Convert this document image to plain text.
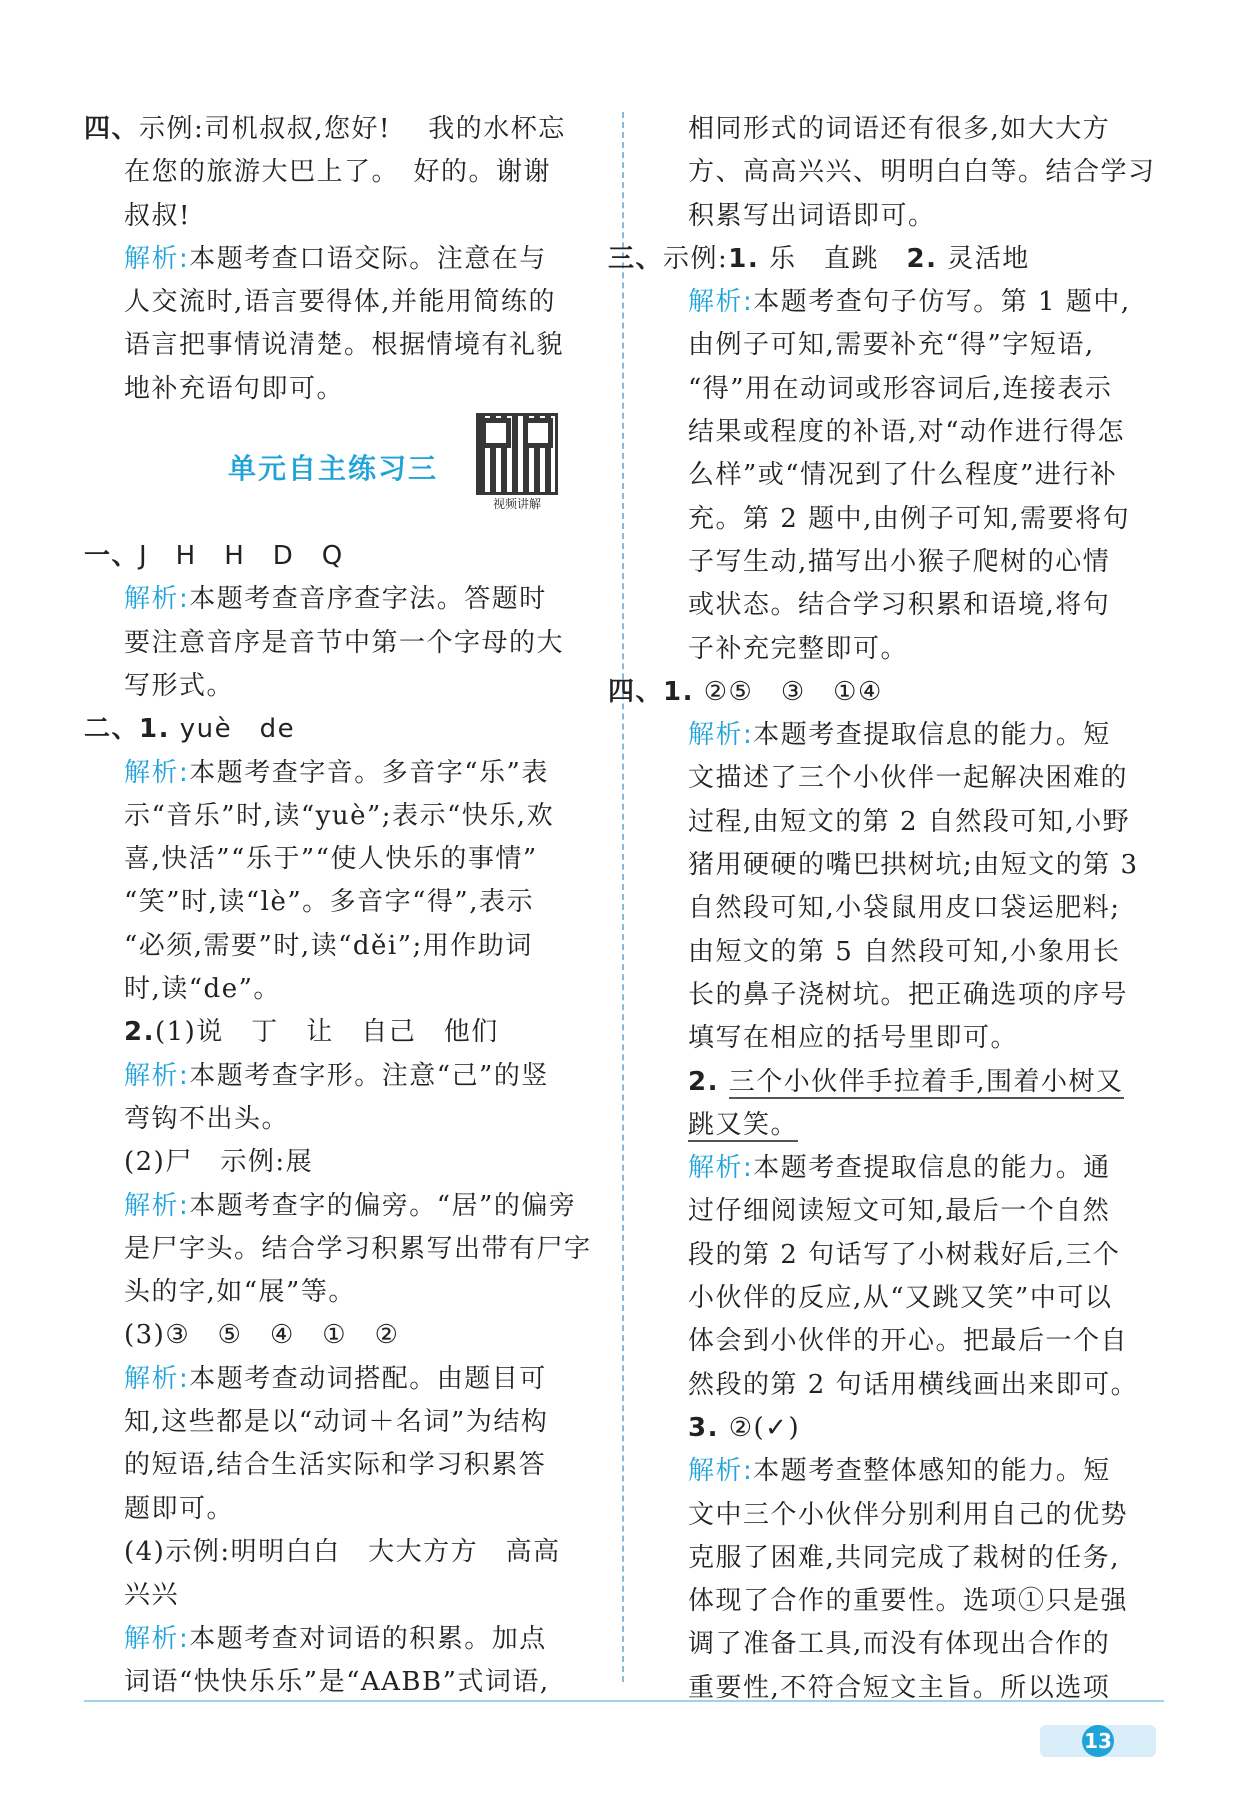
四、示例:司机叔叔,您好!　 我的水杯忘
在您的旅游大巴上了。　好的。谢谢
叔叔!
解析:本题考查口语交际。注意在与
人交流时,语言要得体,并能用简练的
语言把事情说清楚。根据情境有礼貌
地补充语句即可。
单元自主练习三
视频讲解
一、J　H　H　D　Q
解析:本题考查音序查字法。答题时
要注意音序是音节中第一个字母的大
写形式。
二、1. yuè　de
解析:本题考查字音。多音字“乐”表
示“音乐”时,读“yuè”;表示“快乐,欢
喜,快活”“乐于”“使人快乐的事情”
“笑”时,读“lè”。多音字“得”,表示
“必须,需要”时,读“děi”;用作助词
时,读“de”。
2.(1)说　丁　让　自己　他们
解析:本题考查字形。注意“己”的竖
弯钩不出头。
(2)尸　示例:展
解析:本题考查字的偏旁。“居”的偏旁
是尸字头。结合学习积累写出带有尸字
头的字,如“展”等。
(3)③　⑤　④　①　②
解析:本题考查动词搭配。由题目可
知,这些都是以“动词＋名词”为结构
的短语,结合生活实际和学习积累答
题即可。
(4)示例:明明白白　大大方方　高高
兴兴
解析:本题考查对词语的积累。加点
词语“快快乐乐”是“AABB”式词语,
相同形式的词语还有很多,如大大方
方、高高兴兴、明明白白等。结合学习
积累写出词语即可。
三、示例:1. 乐　直跳　2. 灵活地
解析:本题考查句子仿写。第 1 题中,
由例子可知,需要补充“得”字短语,
“得”用在动词或形容词后,连接表示
结果或程度的补语,对“动作进行得怎
么样”或“情况到了什么程度”进行补
充。第 2 题中,由例子可知,需要将句
子写生动,描写出小猴子爬树的心情
或状态。结合学习积累和语境,将句
子补充完整即可。
四、1. ②⑤　③　①④
解析:本题考查提取信息的能力。短
文描述了三个小伙伴一起解决困难的
过程,由短文的第 2 自然段可知,小野
猪用硬硬的嘴巴拱树坑;由短文的第 3
自然段可知,小袋鼠用皮口袋运肥料;
由短文的第 5 自然段可知,小象用长
长的鼻子浇树坑。把正确选项的序号
填写在相应的括号里即可。
2. 三个小伙伴手拉着手,围着小树又
跳又笑。
解析:本题考查提取信息的能力。通
过仔细阅读短文可知,最后一个自然
段的第 2 句话写了小树栽好后,三个
小伙伴的反应,从“又跳又笑”中可以
体会到小伙伴的开心。把最后一个自
然段的第 2 句话用横线画出来即可。
3. ②(✓)
解析:本题考查整体感知的能力。短
文中三个小伙伴分别利用自己的优势
克服了困难,共同完成了栽树的任务,
体现了合作的重要性。选项①只是强
调了准备工具,而没有体现出合作的
重要性,不符合短文主旨。所以选项
13
